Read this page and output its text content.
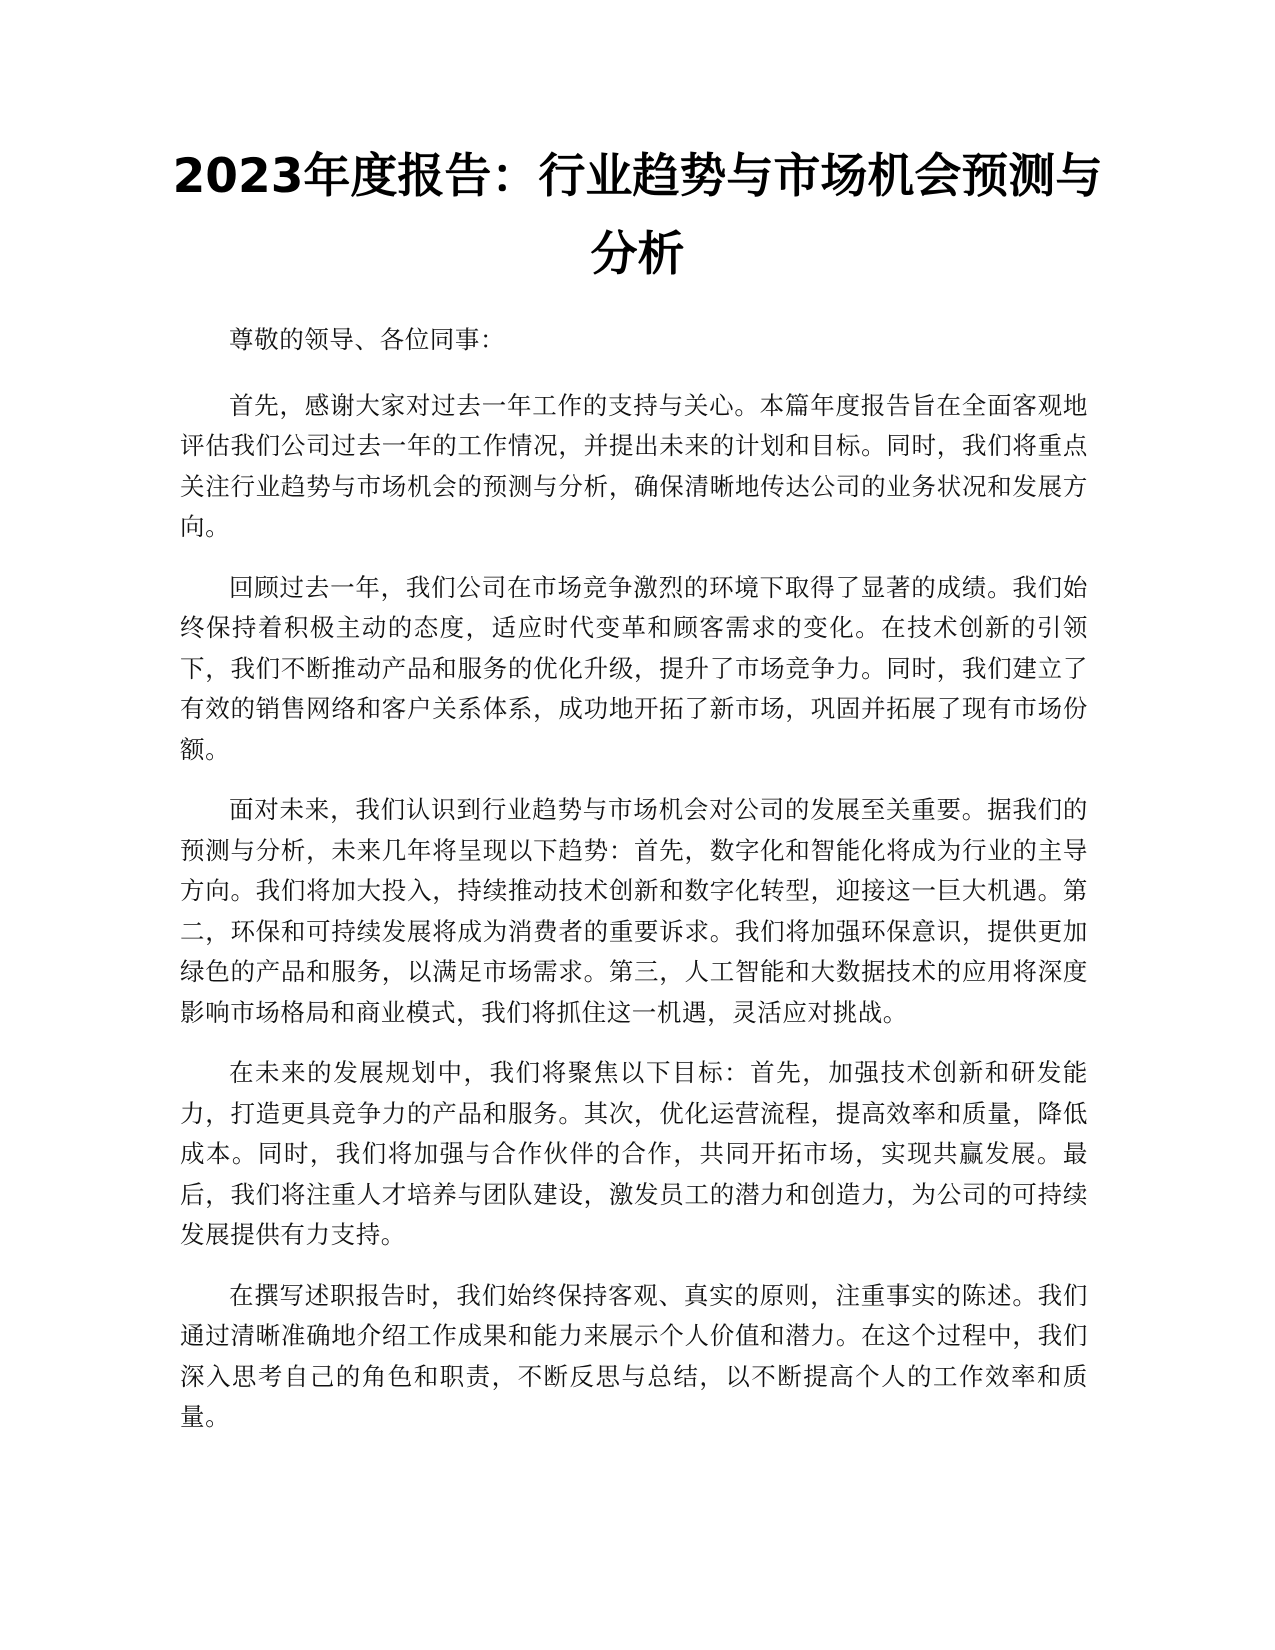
2023年度报告：行业趋势与市场机会预测与
分析

尊敬的领导、各位同事：

首先，感谢大家对过去一年工作的支持与关心。本篇年度报告旨在全面客观地评估我们公司过去一年的工作情况，并提出未来的计划和目标。同时，我们将重点关注行业趋势与市场机会的预测与分析，确保清晰地传达公司的业务状况和发展方向。

回顾过去一年，我们公司在市场竞争激烈的环境下取得了显著的成绩。我们始终保持着积极主动的态度，适应时代变革和顾客需求的变化。在技术创新的引领下，我们不断推动产品和服务的优化升级，提升了市场竞争力。同时，我们建立了有效的销售网络和客户关系体系，成功地开拓了新市场，巩固并拓展了现有市场份额。

面对未来，我们认识到行业趋势与市场机会对公司的发展至关重要。据我们的预测与分析，未来几年将呈现以下趋势：首先，数字化和智能化将成为行业的主导方向。我们将加大投入，持续推动技术创新和数字化转型，迎接这一巨大机遇。第二，环保和可持续发展将成为消费者的重要诉求。我们将加强环保意识，提供更加绿色的产品和服务，以满足市场需求。第三，人工智能和大数据技术的应用将深度影响市场格局和商业模式，我们将抓住这一机遇，灵活应对挑战。

在未来的发展规划中，我们将聚焦以下目标：首先，加强技术创新和研发能力，打造更具竞争力的产品和服务。其次，优化运营流程，提高效率和质量，降低成本。同时，我们将加强与合作伙伴的合作，共同开拓市场，实现共赢发展。最后，我们将注重人才培养与团队建设，激发员工的潜力和创造力，为公司的可持续发展提供有力支持。

在撰写述职报告时，我们始终保持客观、真实的原则，注重事实的陈述。我们通过清晰准确地介绍工作成果和能力来展示个人价值和潜力。在这个过程中，我们深入思考自己的角色和职责，不断反思与总结，以不断提高个人的工作效率和质量。
